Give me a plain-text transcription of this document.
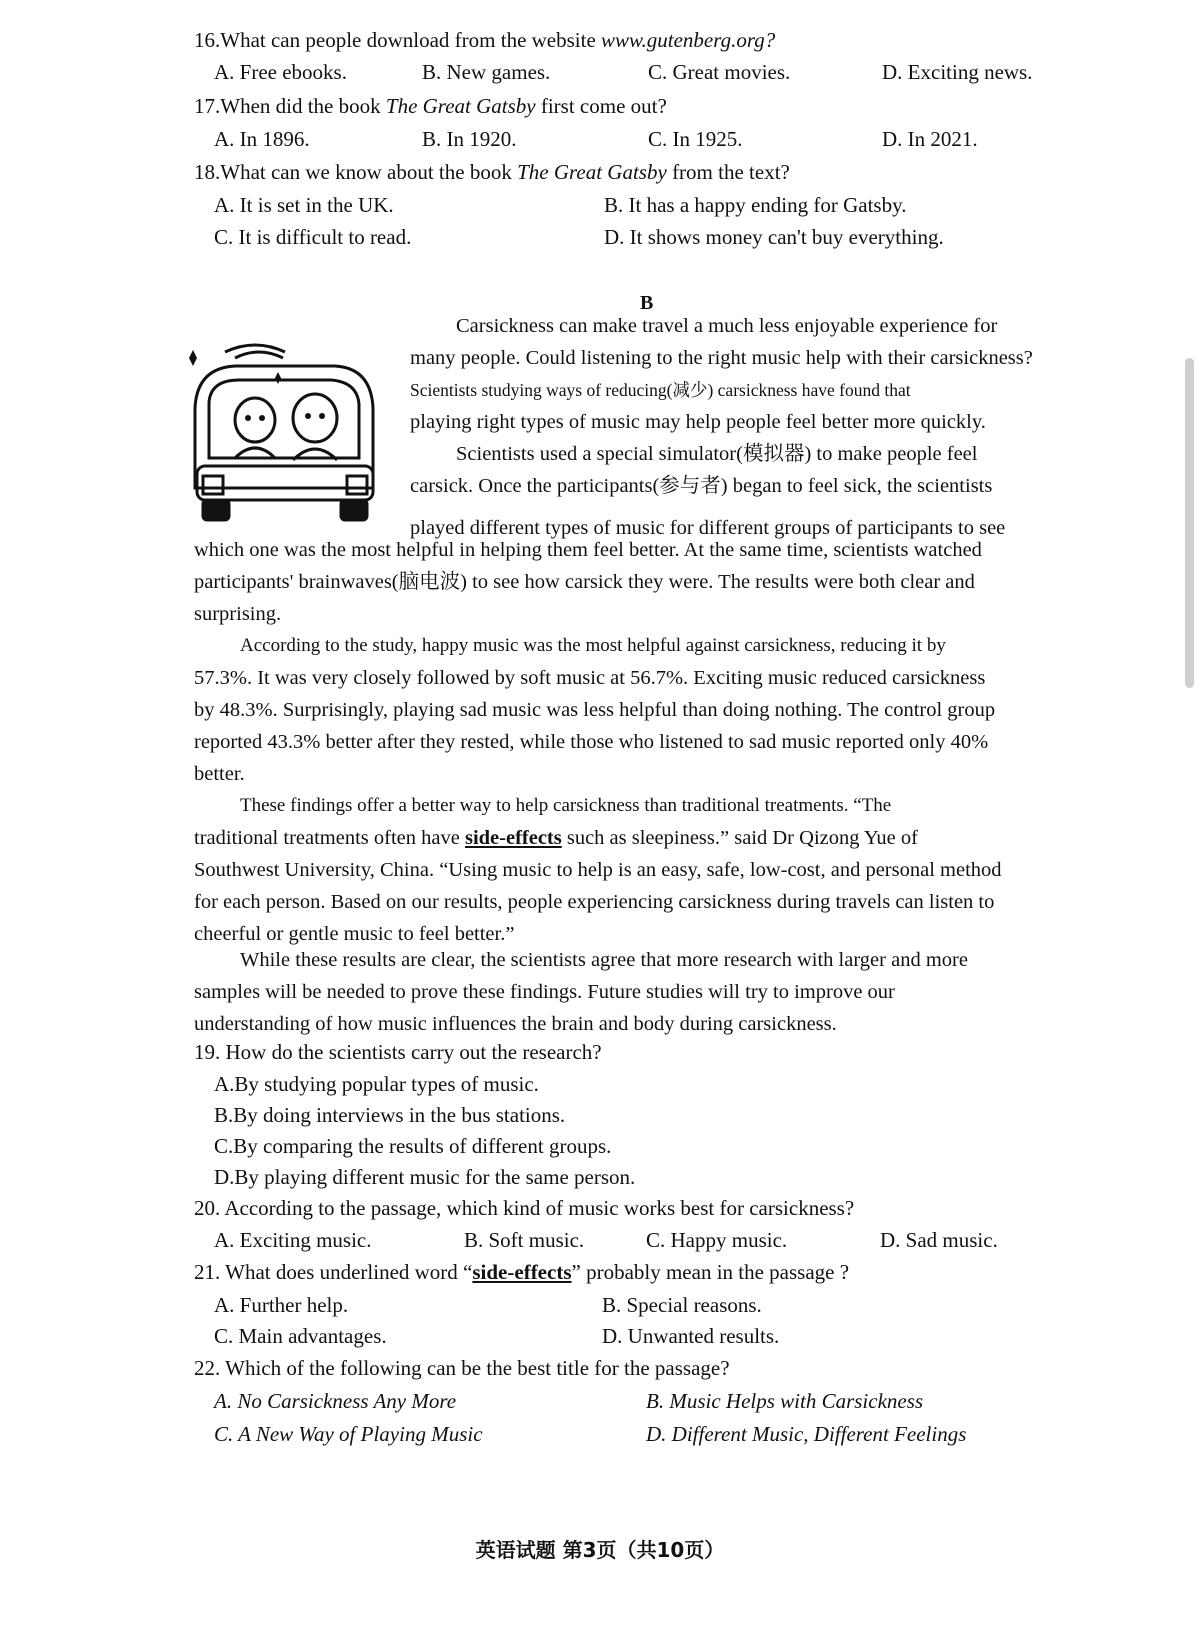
16.What can people download from the website www.gutenberg.org?
A. Free ebooks.	B. New games.	C. Great movies.	D. Exciting news.
17.When did the book The Great Gatsby first come out?
A. In 1896.	B. In 1920.	C. In 1925.	D. In 2021.
18.What can we know about the book The Great Gatsby from the text?
A. It is set in the UK.	B. It has a happy ending for Gatsby.
C. It is difficult to read.	D. It shows money can't buy everything.
B
Carsickness can make travel a much less enjoyable experience for
many people. Could listening to the right music help with their carsickness?
Scientists studying ways of reducing(减少) carsickness have found that
playing right types of music may help people feel better more quickly.
Scientists used a special simulator(模拟器) to make people feel
carsick. Once the participants(参与者) began to feel sick, the scientists
played different types of music for different groups of participants to see
which one was the most helpful in helping them feel better. At the same time, scientists watched
participants' brainwaves(脑电波) to see how carsick they were. The results were both clear and
surprising.
According to the study, happy music was the most helpful against carsickness, reducing it by
57.3%. It was very closely followed by soft music at 56.7%. Exciting music reduced carsickness
by 48.3%. Surprisingly, playing sad music was less helpful than doing nothing. The control group
reported 43.3% better after they rested, while those who listened to sad music reported only 40%
better.
These findings offer a better way to help carsickness than traditional treatments. “The
traditional treatments often have side-effects such as sleepiness.” said Dr Qizong Yue of
Southwest University, China. “Using music to help is an easy, safe, low-cost, and personal method
for each person. Based on our results, people experiencing carsickness during travels can listen to
cheerful or gentle music to feel better.”
While these results are clear, the scientists agree that more research with larger and more
samples will be needed to prove these findings. Future studies will try to improve our
understanding of how music influences the brain and body during carsickness.
19. How do the scientists carry out the research?
A.By studying popular types of music.
B.By doing interviews in the bus stations.
C.By comparing the results of different groups.
D.By playing different music for the same person.
20. According to the passage, which kind of music works best for carsickness?
A. Exciting music.	B. Soft music.	C. Happy music.	D. Sad music.
21. What does underlined word “side-effects” probably mean in the passage ?
A. Further help.	B. Special reasons.
C. Main advantages.	D. Unwanted results.
22. Which of the following can be the best title for the passage?
A. No Carsickness Any More	B. Music Helps with Carsickness
C. A New Way of Playing Music	D. Different Music, Different Feelings
英语试题 第3页（共10页）
